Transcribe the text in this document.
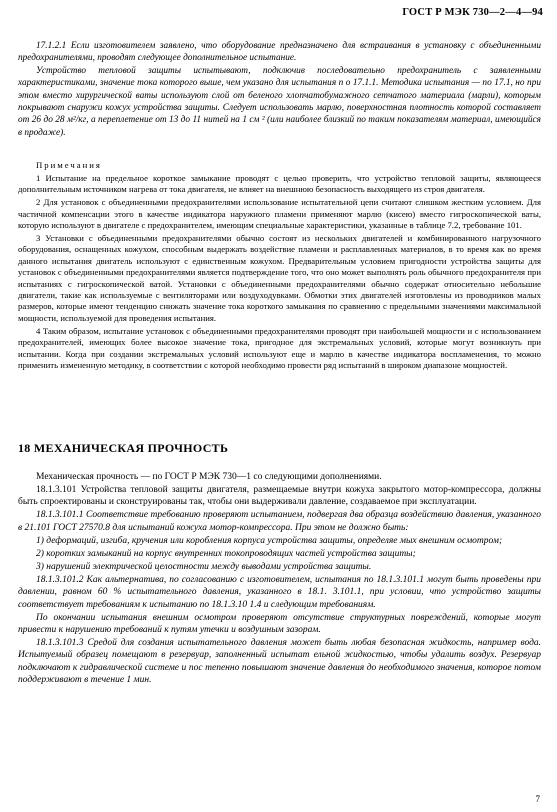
ГОСТ Р МЭК 730—2—4—94

17.1.2.1 Если изготовителем заявлено, что оборудование предназначено для встраивания в установку с объединенными предохранителями, проводят следующее дополнительное испытание.

Устройство тепловой защиты испытывают, подключив последовательно предохранитель с заявленными характеристиками, значение тока которого выше, чем указано для испытания п о 17.1.1. Методика испытания — по 17.1, но при этом вместо хирургической ваты используют слой от беленого хлопчатобумажного сетчатого материала (марли), которым покрывают снаружи кожух устройства защиты. Следует использовать марлю, поверхностная плотность которой составляет от 26 до 28 м²/кг, а переплетение от 13 до 11 нитей на 1 см ² (или наиболее близкий по таким показателям материал, имеющийся в продаже).

Примечания

1 Испытание на предельное короткое замыкание проводят с целью проверить, что устройство тепловой защиты, являющееся дополнительным источником нагрева от тока двигателя, не влияет на внешнюю безопасность выходящего из строя двигателя.

2 Для установок с объединенными предохранителями использование испытательной цепи считают слишком жестким условием. Для частичной компенсации этого в качестве индикатора наружного пламени применяют марлю (кисею) вместо гигроскопической ваты, которую используют в двигателе с предохранителем, имеющим специальные характеристики, указанные в таблице 7.2, требование 101.

3 Установки с объединенными предохранителями обычно состоят из нескольких двигателей и комбинированного нагрузочного оборудования, оснащенных кожухом, способным выдержать воздействие пламени и расплавленных материалов, в то время как во время данного испытания двигатель используют с единственным кожухом. Предварительным условием пригодности устройства защиты для установок с объединенными предохранителями является подтверждение того, что оно может выполнять роль обычного предохранителя при испытаниях с гигроскопической ватой. Установки с объединенными предохранителями обычно содержат относительно небольшие двигатели, такие как используемые с вентиляторами или воздуходувками. Обмотки этих двигателей изготовлены из проводников малых размеров, которые имеют тенденцию снижать значение тока короткого замыкания по сравнению с предельными значениями максимальной мощности, используемой для проведения испытания.

4 Таким образом, испытание установок с объединенными предохранителями проводят при наибольшей мощности и с использованием предохранителей, имеющих более высокое значение тока, пригодное для экстремальных условий, которые могут возникнуть при испытании. Когда при создании экстремальных условий используют еще и марлю в качестве индикатора воспламенения, то можно применить измененную методику, в соответствии с которой необходимо провести ряд испытаний в широком диапазоне мощностей.

18 МЕХАНИЧЕСКАЯ ПРОЧНОСТЬ

Механическая прочность — по ГОСТ Р МЭК 730—1 со следующими дополнениями.

18.1.3.101 Устройства тепловой защиты двигателя, размещаемые внутри кожуха закрытого мотор-компрессора, должны быть спроектированы и сконструированы так, чтобы они выдерживали давление, создаваемое при эксплуатации.

18.1.3.101.1 Соответствие требованию проверяют испытанием, подвергая два образца воздействию давления, указанного в 21.101 ГОСТ 27570.8 для испытаний кожуха мотор-компрессора. При этом не должно быть:

1) деформаций, изгиба, кручения или коробления корпуса устройства защиты, определяе мых внешним осмотром;

2) коротких замыканий на корпус внутренних токопроводящих частей устройства защиты;

3) нарушений электрической целостности между выводами устройства защиты.

18.1.3.101.2 Как альтернатива, по согласованию с изготовителем, испытания по 18.1.3.101.1 могут быть проведены при давлении, равном 60 % испытательного давления, указанного в 18.1. 3.101.1, при условии, что устройство защиты соответствует требованиям к испытанию по 18.1.3.10 1.4 и следующим требованиям.

По окончании испытания внешним осмотром проверяют отсутствие структурных повреждений, которые могут привести к нарушению требований к путям утечки и воздушным зазорам.

18.1.3.101.3 Средой для создания испытательного давления может быть любая безопасная жидкость, например вода. Испытуемый образец помещают в резервуар, заполненный испытат ельной жидкостью, чтобы удалить воздух. Резервуар подключают к гидравлической системе и пос тепенно повышают значение давления до необходимого значения, которое потом поддерживают в течение 1 мин.

7
